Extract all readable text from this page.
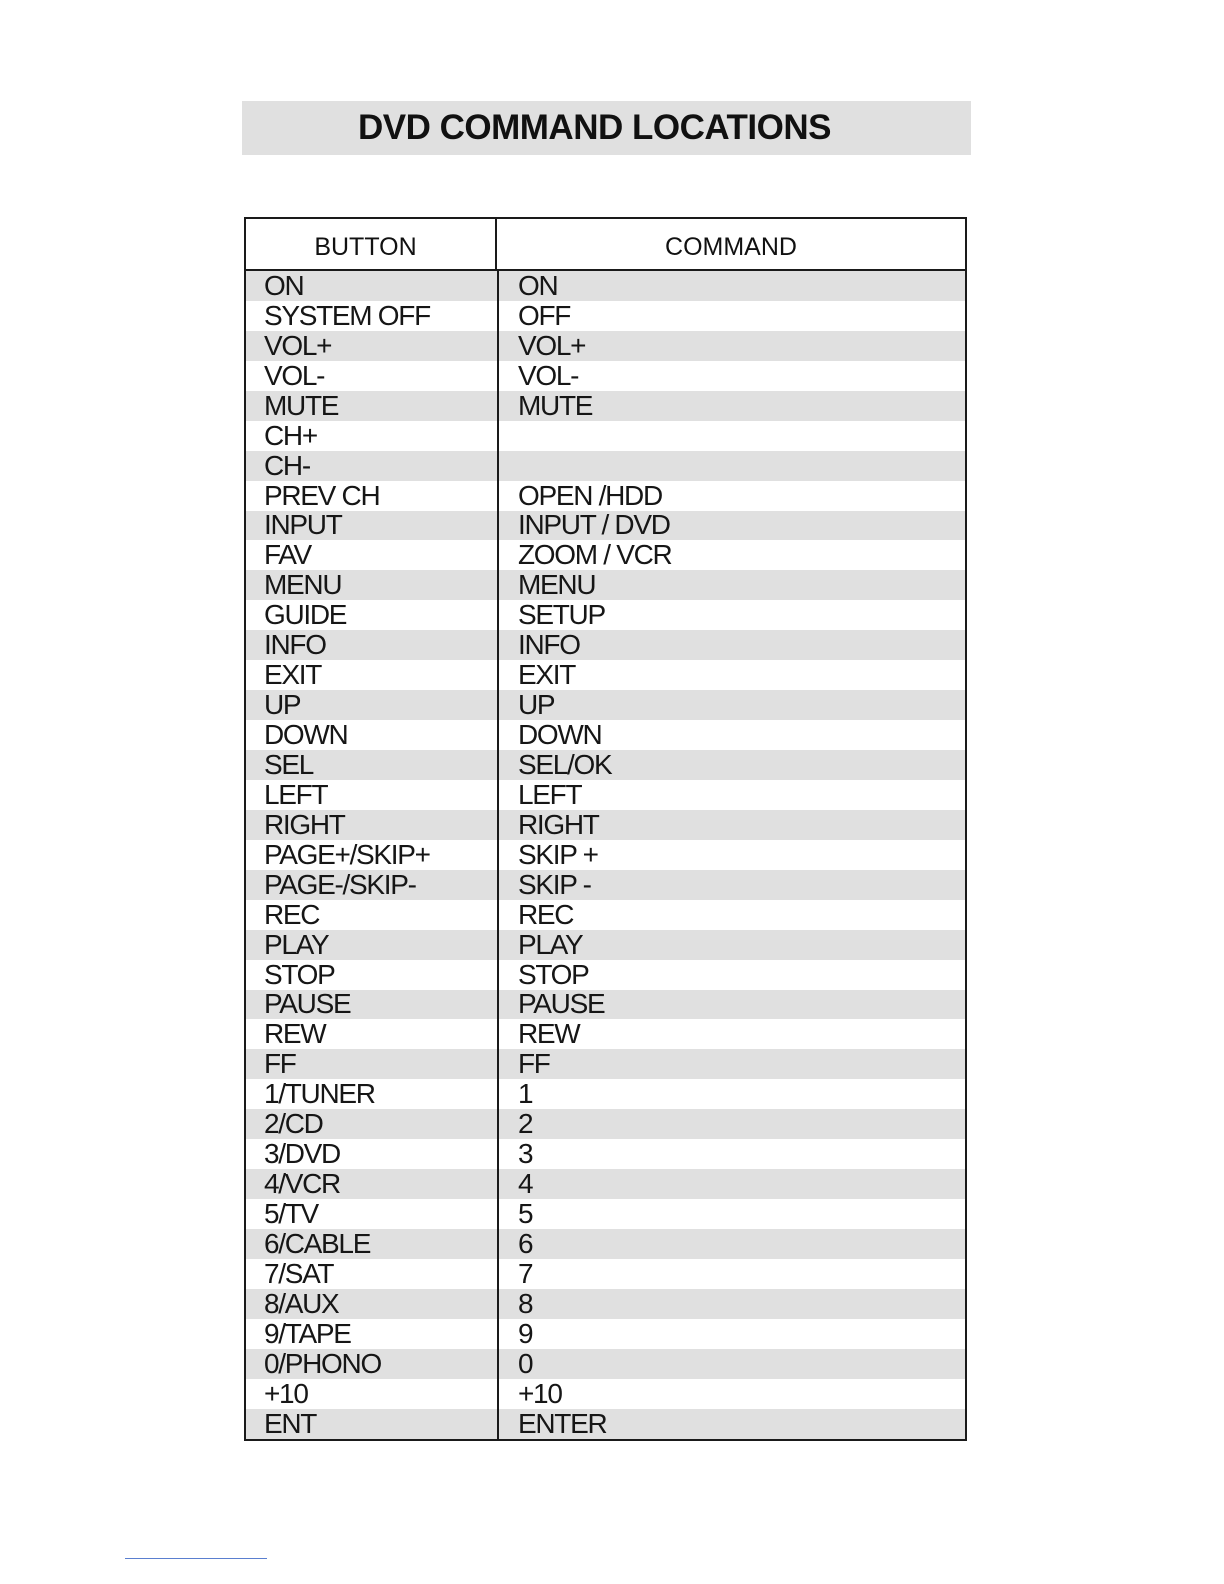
DVD COMMAND LOCATIONS
BUTTON	COMMAND
ON	ON
SYSTEM OFF	OFF
VOL+	VOL+
VOL-	VOL-
MUTE	MUTE
CH+
CH-
PREV CH	OPEN /HDD
INPUT	INPUT / DVD
FAV	ZOOM / VCR
MENU	MENU
GUIDE	SETUP
INFO	INFO
EXIT	EXIT
UP	UP
DOWN	DOWN
SEL	SEL/OK
LEFT	LEFT
RIGHT	RIGHT
PAGE+/SKIP+	SKIP +
PAGE-/SKIP-	SKIP -
REC	REC
PLAY	PLAY
STOP	STOP
PAUSE	PAUSE
REW	REW
FF	FF
1/TUNER	1
2/CD	2
3/DVD	3
4/VCR	4
5/TV	5
6/CABLE	6
7/SAT	7
8/AUX	8
9/TAPE	9
0/PHONO	0
+10	+10
ENT	ENTER
